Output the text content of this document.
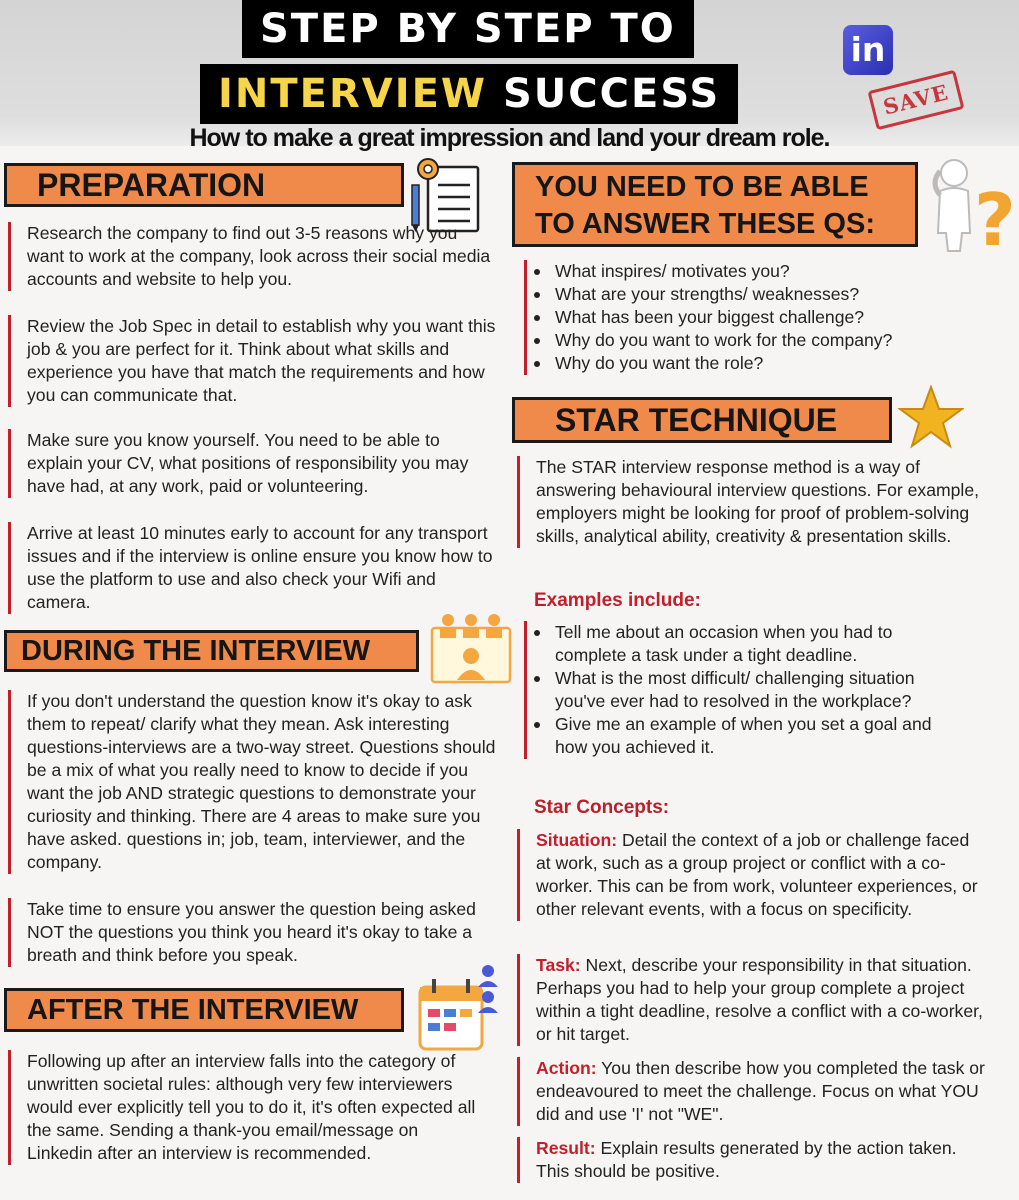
STEP BY STEP TO
INTERVIEW SUCCESS
in
SAVE
How to make a great impression and land your dream role.
PREPARATION
Research the company to find out 3-5 reasons why you want to work at the company, look across their social media accounts and website to help you.
Review the Job Spec in detail to establish why you want this job & you are perfect for it. Think about what skills and experience you have that match the requirements and how you can communicate that.
Make sure you know yourself. You need to be able to explain your CV, what positions of responsibility you may have had, at any work, paid or volunteering.
Arrive at least 10 minutes early to account for any transport issues and if the interview is online ensure you know how to use the platform to use and also check your Wifi and camera.
DURING THE INTERVIEW
If you don't understand the question know it's okay to ask them to repeat/ clarify what they mean. Ask interesting questions-interviews are a two-way street. Questions should be a mix of what you really need to know to decide if you want the job AND strategic questions to demonstrate your curiosity and thinking. There are 4 areas to make sure you have asked. questions in; job, team, interviewer, and the company.
Take time to ensure you answer the question being asked NOT the questions you think you heard it's okay to take a breath and think before you speak.
AFTER THE INTERVIEW
Following up after an interview falls into the category of unwritten societal rules: although very few interviewers would ever explicitly tell you to do it, it's often expected all the same. Sending a thank-you email/message on Linkedin after an interview is recommended.
YOU NEED TO BE ABLE
TO ANSWER THESE QS:	?
What inspires/ motivates you?
What are your strengths/ weaknesses?
What has been your biggest challenge?
Why do you want to work for the company?
Why do you want the role?
STAR TECHNIQUE
The STAR interview response method is a way of answering behavioural interview questions. For example, employers might be looking for proof of problem-solving skills, analytical ability, creativity & presentation skills.
Examples include:
Tell me about an occasion when you had to complete a task under a tight deadline.
What is the most difficult/ challenging situation you've ever had to resolved in the workplace?
Give me an example of when you set a goal and how you achieved it.
Star Concepts:
Situation: Detail the context of a job or challenge faced at work, such as a group project or conflict with a co-worker. This can be from work, volunteer experiences, or other relevant events, with a focus on specificity.
Task: Next, describe your responsibility in that situation. Perhaps you had to help your group complete a project within a tight deadline, resolve a conflict with a co-worker, or hit target.
Action: You then describe how you completed the task or endeavoured to meet the challenge. Focus on what YOU did and use 'I' not "WE".
Result: Explain results generated by the action taken. This should be positive.
